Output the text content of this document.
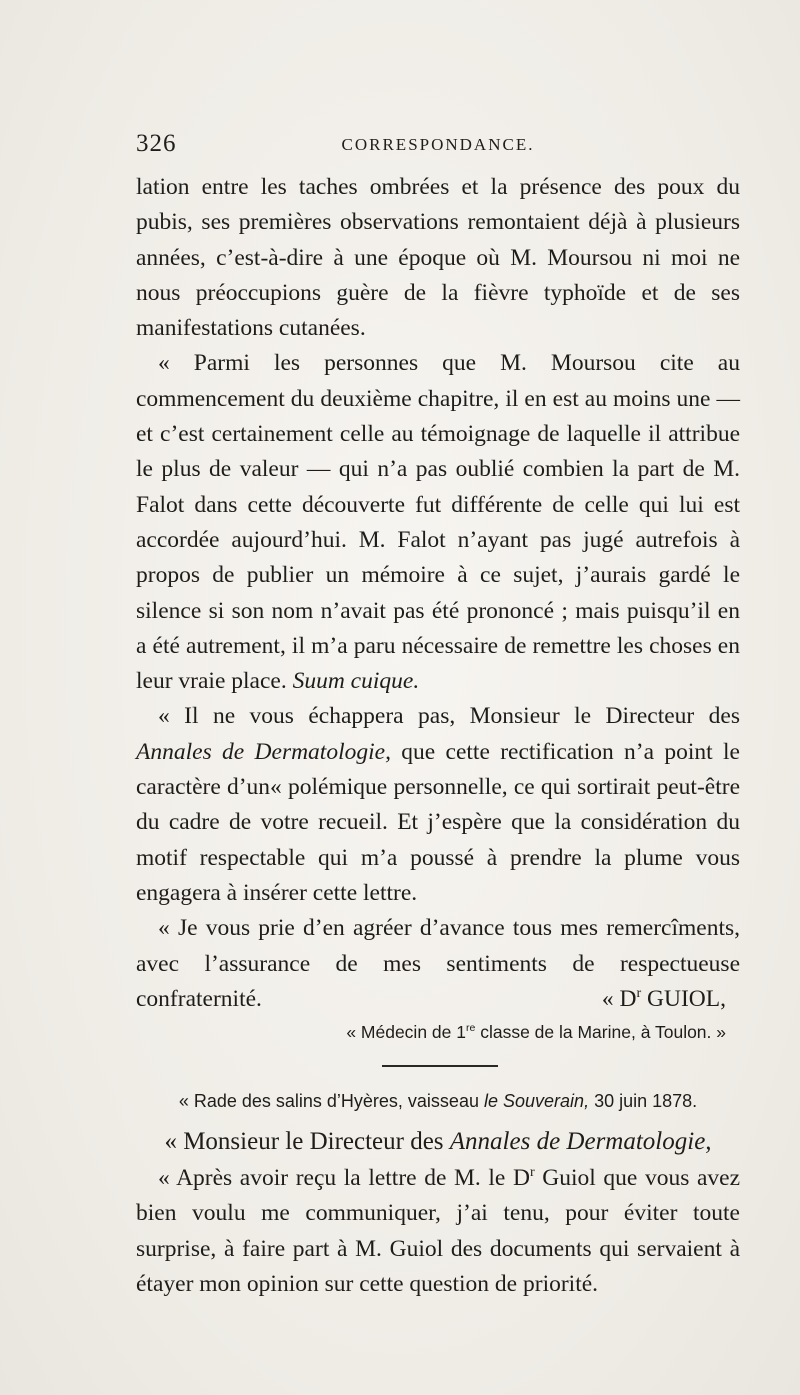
326	CORRESPONDANCE.

lation entre les taches ombrées et la présence des poux du pubis, ses premières observations remontaient déjà à plusieurs années, c’est-à-dire à une époque où M. Moursou ni moi ne nous préoccupions guère de la fièvre typhoïde et de ses manifestations cutanées.

« Parmi les personnes que M. Moursou cite au commencement du deuxième chapitre, il en est au moins une — et c’est certainement celle au témoignage de laquelle il attribue le plus de valeur — qui n’a pas oublié combien la part de M. Falot dans cette découverte fut différente de celle qui lui est accordée aujourd’hui. M. Falot n’ayant pas jugé autrefois à propos de publier un mémoire à ce sujet, j’aurais gardé le silence si son nom n’avait pas été prononcé ; mais puisqu’il en a été autrement, il m’a paru nécessaire de remettre les choses en leur vraie place. Suum cuique.

« Il ne vous échappera pas, Monsieur le Directeur des Annales de Dermatologie, que cette rectification n’a point le caractère d’un« polémique personnelle, ce qui sortirait peut-être du cadre de votre recueil. Et j’espère que la considération du motif respectable qui m’a poussé à prendre la plume vous engagera à insérer cette lettre.

« Je vous prie d’en agréer d’avance tous mes remercîments, avec l’assurance de mes sentiments de respectueuse confraternité.	« $D^r$ GUIOL,
« Médecin de 1re classe de la Marine, à Toulon. »
« Rade des salins d’Hyères, vaisseau le Souverain, 30 juin 1878.
« Monsieur le Directeur des Annales de Dermatologie,

« Après avoir reçu la lettre de M. le $D^r$ Guiol que vous avez bien voulu me communiquer, j’ai tenu, pour éviter toute surprise, à faire part à M. Guiol des documents qui servaient à étayer mon opinion sur cette question de priorité.
